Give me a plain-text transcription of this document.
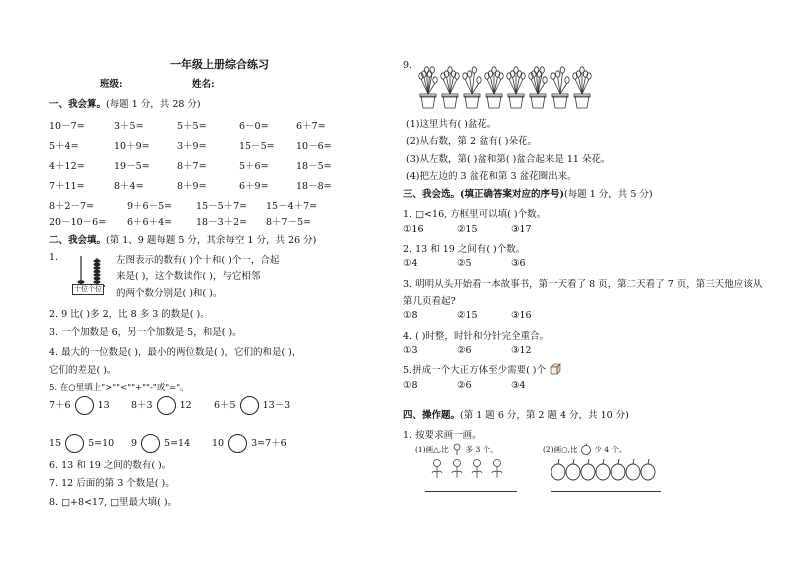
一年级上册综合练习
班级:	姓名:
一、我会算。(每题 1 分，共 28 分)
10－7=	3＋5=	5＋5=	6－0=	6＋7=
5＋4=	10＋9=	3＋9=	15－5= 10－6=
4＋12=	19－5=	8＋7=	5＋6=	18－5=
7＋11=	8＋4=	8＋9=	6＋9=	18－8=
8＋2－7=	9＋6－5=	15－5＋7= 15－4＋7=
20－10－6= 6＋6＋4=	18－3＋2= 8＋7－5=
二、我会填。(第 1、9 题每题 5 分，其余每空 1 分，共 26 分)
1.
十位个位
左图表示的数有( )个十和( )个一，合起
来是( )，这个数读作( )，与它相邻
的两个数分别是( )和( )。
2. 9 比( )多 2，比 8 多 3 的数是( )。
3. 一个加数是 6，另一个加数是 5，和是( )。
4. 最大的一位数是( )，最小的两位数是( )，它们的和是( )，
它们的差是( )。
5. 在○里填上">""<""+""-"或"="。
7＋6	13 8＋3	12 6＋5	13－3
15	5=10 9	5=14 10	3=7＋6
6. 13 和 19 之间的数有( )。
7. 12 后面的第 3 个数是( )。
8. □+8<17, □里最大填( )。
9.
(1)这里共有( )盆花。
(2)从右数，第 2 盆有( )朵花。
(3)从左数，第( )盆和第( )盆合起来是 11 朵花。
(4)把左边的 3 盆花和第 3 盆花圈出来。
三、我会选。(填正确答案对应的序号)(每题 1 分，共 5 分)
1. □<16, 方框里可以填( )个数。
①16	②15	③17
2. 13 和 19 之间有( )个数。
①4	②5	③6
3. 明明从头开始看一本故事书，第一天看了 8 页，第二天看了 7 页，第三天他应该从
第几页看起?
①8	②15	③16
4. ( )时整，时针和分针完全重合。
①3	②6	③12
5.拼成一个大正方体至少需要( )个
①8	②6	③4
四、操作题。(第 1 题 6 分，第 2 题 4 分，共 10 分)
1. 按要求画一画。
(1)画△,比 多 3 个。	(2)画○,比 少 4 个。
